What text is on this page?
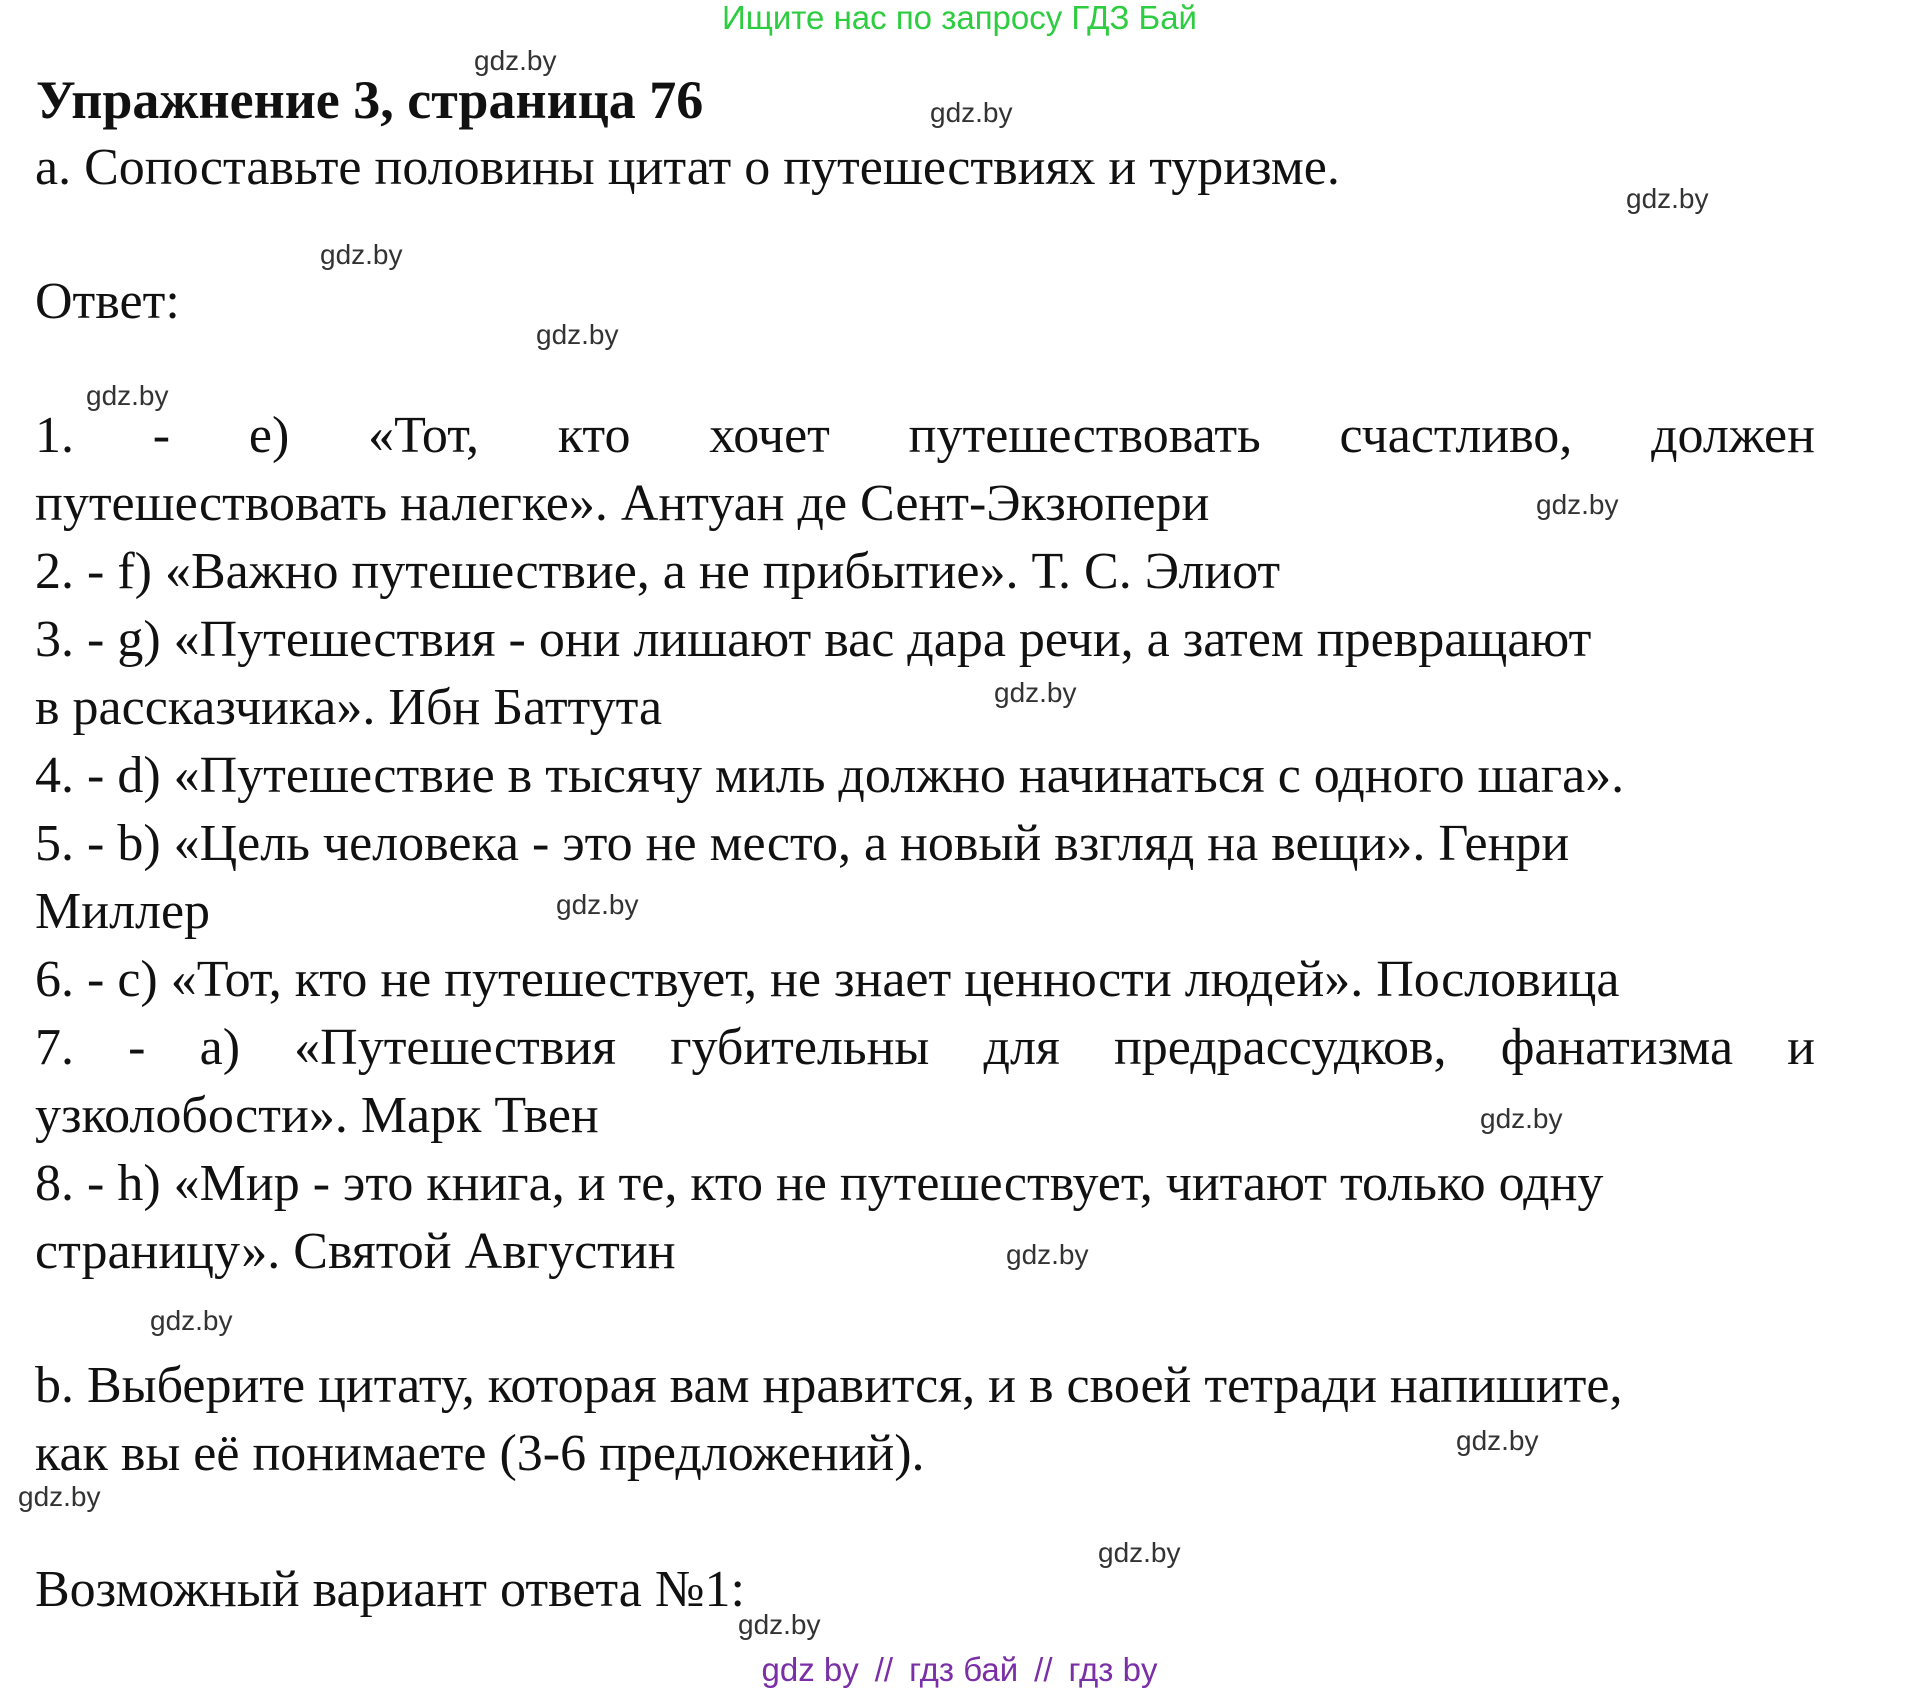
Ищите нас по запросу ГДЗ Бай
Упражнение 3, страница 76
а. Сопоставьте половины цитат о путешествиях и туризме.
Ответ:
1. - e) «Тот, кто хочет путешествовать счастливо, должен
путешествовать налегке». Антуан де Сент-Экзюпери
2. - f) «Важно путешествие, а не прибытие». Т. С. Элиот
3. - g) «Путешествия - они лишают вас дара речи, а затем превращают
в рассказчика». Ибн Баттута
4. - d) «Путешествие в тысячу миль должно начинаться с одного шага».
5. - b) «Цель человека - это не место, а новый взгляд на вещи». Генри
Миллер
6. - c) «Тот, кто не путешествует, не знает ценности людей». Пословица
7. - a) «Путешествия губительны для предрассудков, фанатизма и
узколобости». Марк Твен
8. - h) «Мир - это книга, и те, кто не путешествует, читают только одну
страницу». Святой Августин
b. Выберите цитату, которая вам нравится, и в своей тетради напишите,
как вы её понимаете (3-6 предложений).
Возможный вариант ответа №1:
gdz.by
gdz.by
gdz.by
gdz.by
gdz.by
gdz.by
gdz.by
gdz.by
gdz.by
gdz.by
gdz.by
gdz.by
gdz.by
gdz.by
gdz.by
gdz.by
gdz by // гдз бай // гдз by
